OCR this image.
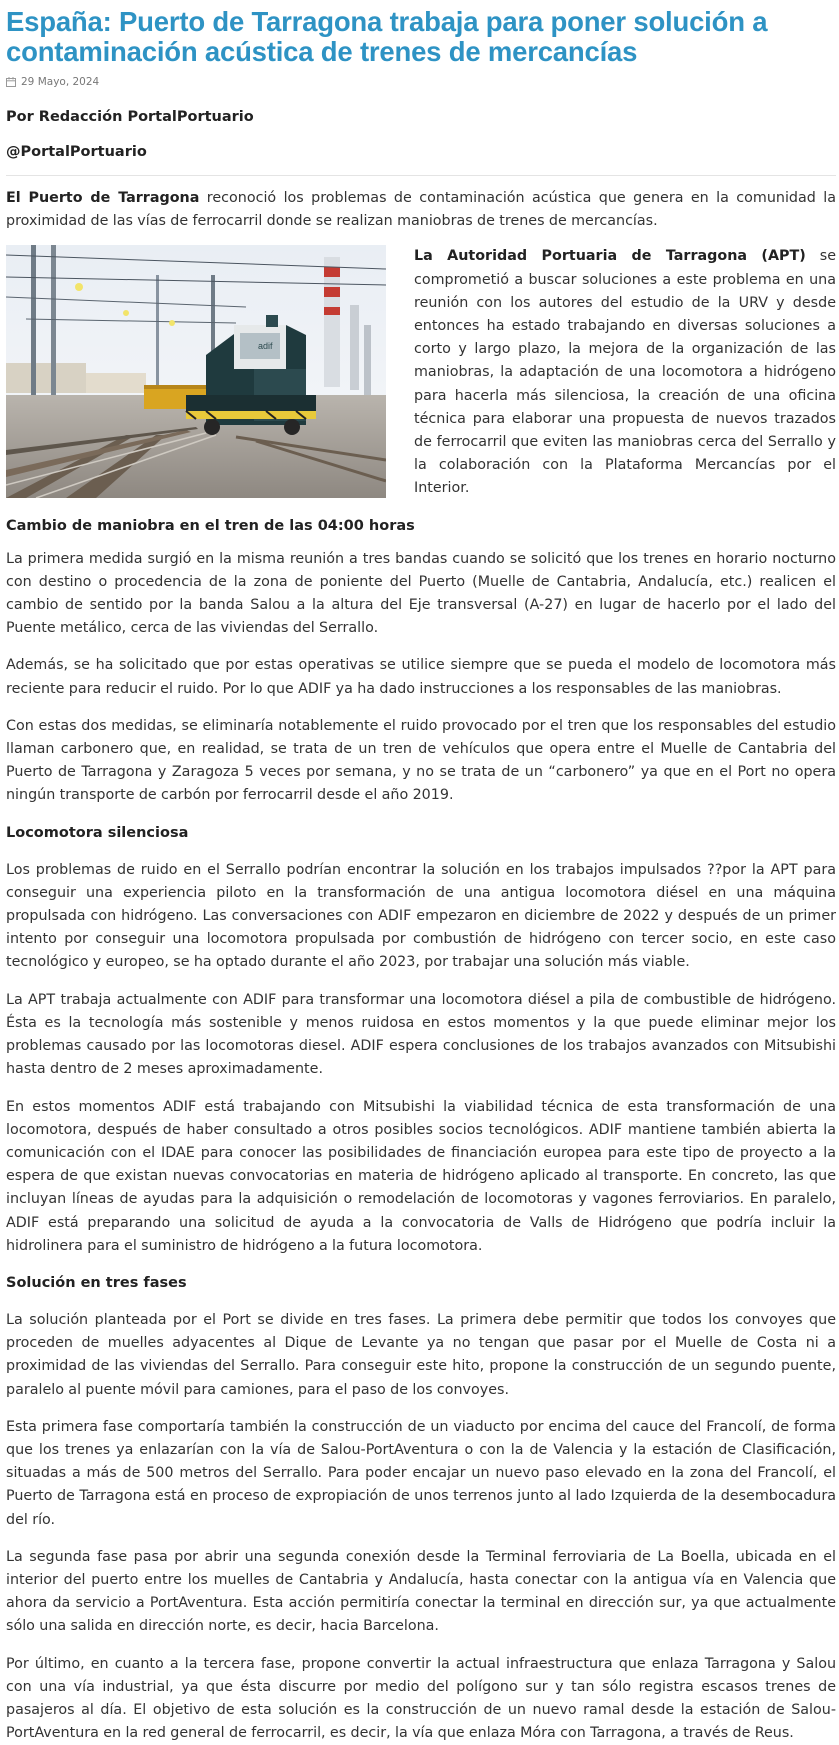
España: Puerto de Tarragona trabaja para poner solución a contaminación acústica de trenes de mercancías
29 Mayo, 2024
Por Redacción PortalPortuario
@PortalPortuario

El Puerto de Tarragona reconoció los problemas de contaminación acústica que genera en la comunidad la proximidad de las vías de ferrocarril donde se realizan maniobras de trenes de mercancías.

adif

La Autoridad Portuaria de Tarragona (APT) se comprometió a buscar soluciones a este problema en una reunión con los autores del estudio de la URV y desde entonces ha estado trabajando en diversas soluciones a corto y largo plazo, la mejora de la organización de las maniobras, la adaptación de una locomotora a hidrógeno para hacerla más silenciosa, la creación de una oficina técnica para elaborar una propuesta de nuevos trazados de ferrocarril que eviten las maniobras cerca del Serrallo y la colaboración con la Plataforma Mercancías por el Interior.

Cambio de maniobra en el tren de las 04:00 horas

La primera medida surgió en la misma reunión a tres bandas cuando se solicitó que los trenes en horario nocturno con destino o procedencia de la zona de poniente del Puerto (Muelle de Cantabria, Andalucía, etc.) realicen el cambio de sentido por la banda Salou a la altura del Eje transversal (A-27) en lugar de hacerlo por el lado del Puente metálico, cerca de las viviendas del Serrallo.

Además, se ha solicitado que por estas operativas se utilice siempre que se pueda el modelo de locomotora más reciente para reducir el ruido. Por lo que ADIF ya ha dado instrucciones a los responsables de las maniobras.

Con estas dos medidas, se eliminaría notablemente el ruido provocado por el tren que los responsables del estudio llaman carbonero que, en realidad, se trata de un tren de vehículos que opera entre el Muelle de Cantabria del Puerto de Tarragona y Zaragoza 5 veces por semana, y no se trata de un “carbonero” ya que en el Port no opera ningún transporte de carbón por ferrocarril desde el año 2019.

Locomotora silenciosa

Los problemas de ruido en el Serrallo podrían encontrar la solución en los trabajos impulsados ??por la APT para conseguir una experiencia piloto en la transformación de una antigua locomotora diésel en una máquina propulsada con hidrógeno. Las conversaciones con ADIF empezaron en diciembre de 2022 y después de un primer intento por conseguir una locomotora propulsada por combustión de hidrógeno con tercer socio, en este caso tecnológico y europeo, se ha optado durante el año 2023, por trabajar una solución más viable.

La APT trabaja actualmente con ADIF para transformar una locomotora diésel a pila de combustible de hidrógeno. Ésta es la tecnología más sostenible y menos ruidosa en estos momentos y la que puede eliminar mejor los problemas causado por las locomotoras diesel. ADIF espera conclusiones de los trabajos avanzados con Mitsubishi hasta dentro de 2 meses aproximadamente.

En estos momentos ADIF está trabajando con Mitsubishi la viabilidad técnica de esta transformación de una locomotora, después de haber consultado a otros posibles socios tecnológicos. ADIF mantiene también abierta la comunicación con el IDAE para conocer las posibilidades de financiación europea para este tipo de proyecto a la espera de que existan nuevas convocatorias en materia de hidrógeno aplicado al transporte. En concreto, las que incluyan líneas de ayudas para la adquisición o remodelación de locomotoras y vagones ferroviarios. En paralelo, ADIF está preparando una solicitud de ayuda a la convocatoria de Valls de Hidrógeno que podría incluir la hidrolinera para el suministro de hidrógeno a la futura locomotora.

Solución en tres fases

La solución planteada por el Port se divide en tres fases. La primera debe permitir que todos los convoyes que proceden de muelles adyacentes al Dique de Levante ya no tengan que pasar por el Muelle de Costa ni a proximidad de las viviendas del Serrallo. Para conseguir este hito, propone la construcción de un segundo puente, paralelo al puente móvil para camiones, para el paso de los convoyes.

Esta primera fase comportaría también la construcción de un viaducto por encima del cauce del Francolí, de forma que los trenes ya enlazarían con la vía de Salou-PortAventura o con la de Valencia y la estación de Clasificación, situadas a más de 500 metros del Serrallo. Para poder encajar un nuevo paso elevado en la zona del Francolí, el Puerto de Tarragona está en proceso de expropiación de unos terrenos junto al lado Izquierda de la desembocadura del río.

La segunda fase pasa por abrir una segunda conexión desde la Terminal ferroviaria de La Boella, ubicada en el interior del puerto entre los muelles de Cantabria y Andalucía, hasta conectar con la antigua vía en Valencia que ahora da servicio a PortAventura. Esta acción permitiría conectar la terminal en dirección sur, ya que actualmente sólo una salida en dirección norte, es decir, hacia Barcelona.

Por último, en cuanto a la tercera fase, propone convertir la actual infraestructura que enlaza Tarragona y Salou con una vía industrial, ya que ésta discurre por medio del polígono sur y tan sólo registra escasos trenes de pasajeros al día. El objetivo de esta solución es la construcción de un nuevo ramal desde la estación de Salou-PortAventura en la red general de ferrocarril, es decir, la vía que enlaza Móra con Tarragona, a través de Reus.
